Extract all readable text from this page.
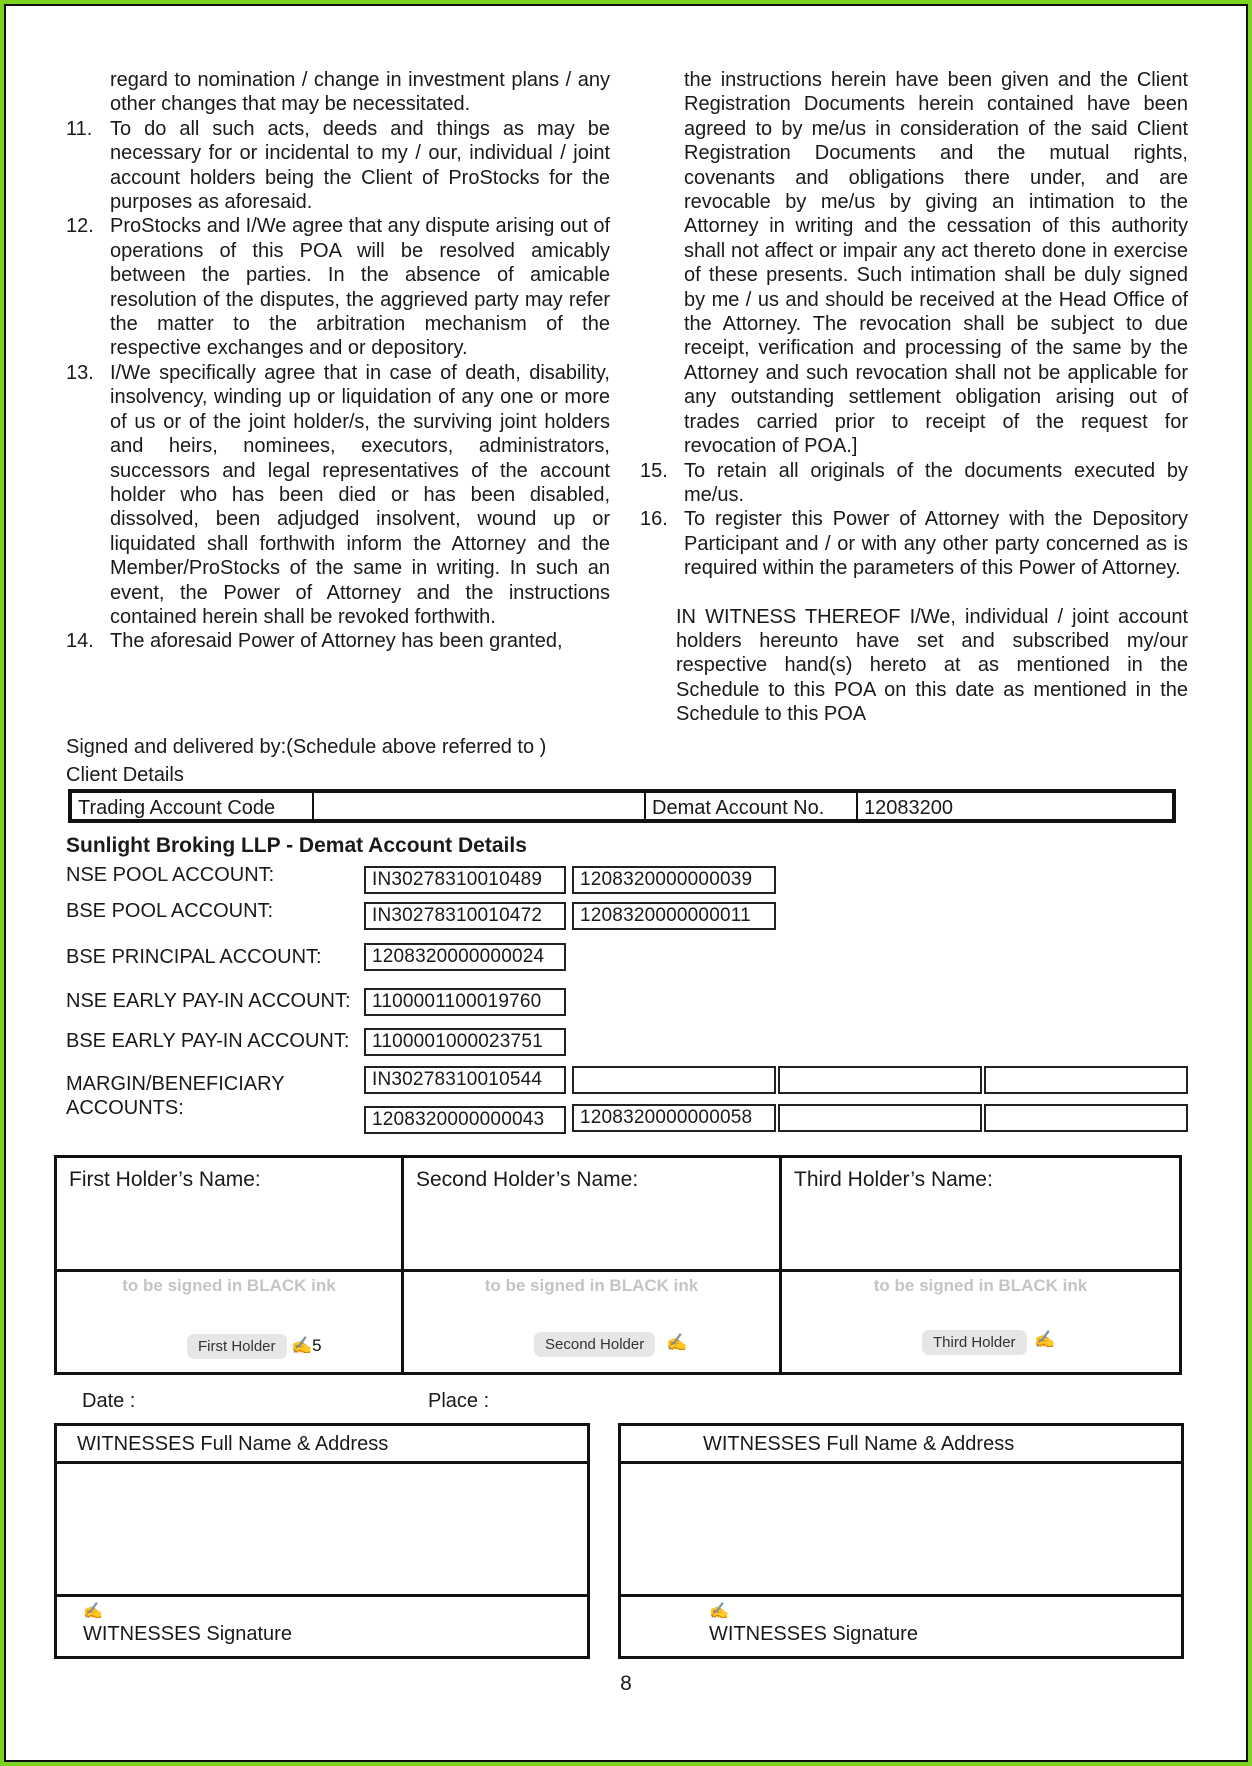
regard to nomination / change in investment plans / any other changes that may be necessitated.
11. To do all such acts, deeds and things as may be necessary for or incidental to my / our, individual / joint account holders being the Client of ProStocks for the purposes as aforesaid.
12. ProStocks and I/We agree that any dispute arising out of operations of this POA will be resolved amicably between the parties. In the absence of amicable resolution of the disputes, the aggrieved party may refer the matter to the arbitration mechanism of the respective exchanges and or depository.
13. I/We specifically agree that in case of death, disability, insolvency, winding up or liquidation of any one or more of us or of the joint holder/s, the surviving joint holders and heirs, nominees, executors, administrators, successors and legal representatives of the account holder who has been died or has been disabled, dissolved, been adjudged insolvent, wound up or liquidated shall forthwith inform the Attorney and the Member/ProStocks of the same in writing. In such an event, the Power of Attorney and the instructions contained herein shall be revoked forthwith.
14. The aforesaid Power of Attorney has been granted,
the instructions herein have been given and the Client Registration Documents herein contained have been agreed to by me/us in consideration of the said Client Registration Documents and the mutual rights, covenants and obligations there under, and are revocable by me/us by giving an intimation to the Attorney in writing and the cessation of this authority shall not affect or impair any act thereto done in exercise of these presents. Such intimation shall be duly signed by me / us and should be received at the Head Office of the Attorney. The revocation shall be subject to due receipt, verification and processing of the same by the Attorney and such revocation shall not be applicable for any outstanding settlement obligation arising out of trades carried prior to receipt of the request for revocation of POA.]
15. To retain all originals of the documents executed by me/us.
16. To register this Power of Attorney with the Depository Participant and / or with any other party concerned as is required within the parameters of this Power of Attorney.
IN WITNESS THEREOF I/We, individual / joint account holders hereunto have set and subscribed my/our respective hand(s) hereto at as mentioned in the Schedule to this POA on this date as mentioned in the Schedule to this POA
Signed and delivered by:(Schedule above referred to )
Client Details
Trading Account Code	Demat Account No.	12083200
Sunlight Broking LLP - Demat Account Details
NSE POOL ACCOUNT:	IN30278310010489	1208320000000039
BSE POOL ACCOUNT:	IN30278310010472	1208320000000011
BSE PRINCIPAL ACCOUNT:	1208320000000024
NSE EARLY PAY-IN ACCOUNT:	1100001100019760
BSE EARLY PAY-IN ACCOUNT:	1100001000023751
MARGIN/BENEFICIARY
ACCOUNTS:
IN30278310010544
1208320000000043	1208320000000058
First Holder’s Name:
to be signed in BLACK ink
First Holder ✍5
Second Holder’s Name:
to be signed in BLACK ink
Second Holder	✍
Third Holder’s Name:
to be signed in BLACK ink
Third Holder	✍
Date :	Place :
WITNESSES Full Name & Address
✍
WITNESSES Signature
WITNESSES Full Name & Address
✍
WITNESSES Signature
8
